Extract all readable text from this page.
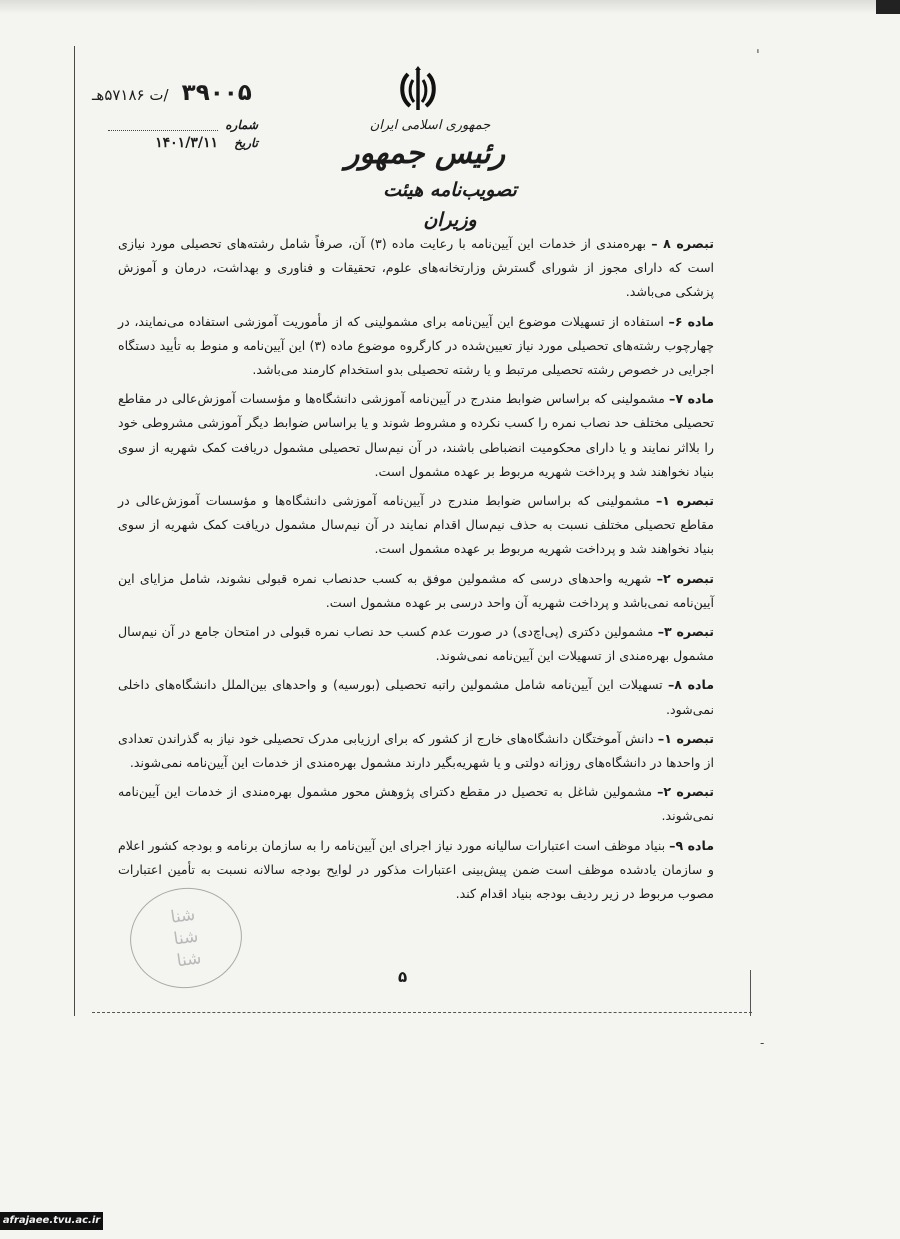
ˈ
جمهوری اسلامی ایران
رئیس جمهور
تصویب‌نامه هیئت وزیران
۳۹۰۰۵ /ت ۵۷۱۸۶هـ
شماره
تاریخ
۱۴۰۱/۳/۱۱

تبصره ۸ – بهره‌مندی از خدمات این آیین‌نامه با رعایت ماده (۳) آن، صرفاً شامل رشته‌های تحصیلی مورد نیازی است که دارای مجوز از شورای گسترش وزارتخانه‌های علوم، تحقیقات و فناوری و بهداشت، درمان و آموزش پزشکی می‌باشد.

ماده ۶– استفاده از تسهیلات موضوع این آیین‌نامه برای مشمولینی که از مأموریت آموزشی استفاده می‌نمایند، در چهارچوب رشته‌های تحصیلی مورد نیاز تعیین‌شده در کارگروه موضوع ماده (۳) این آیین‌نامه و منوط به تأیید دستگاه اجرایی در خصوص رشته تحصیلی مرتبط و یا رشته تحصیلی بدو استخدام کارمند می‌باشد.

ماده ۷– مشمولینی که براساس ضوابط مندرج در آیین‌نامه آموزشی دانشگاه‌ها و مؤسسات آموزش‌عالی در مقاطع تحصیلی مختلف حد نصاب نمره را کسب نکرده و مشروط شوند و یا براساس ضوابط دیگر آموزشی مشروطی خود را بلااثر نمایند و یا دارای محکومیت انضباطی باشند، در آن نیم‌سال تحصیلی مشمول دریافت کمک شهریه از سوی بنیاد نخواهند شد و پرداخت شهریه مربوط بر عهده مشمول است.

تبصره ۱– مشمولینی که براساس ضوابط مندرج در آیین‌نامه آموزشی دانشگاه‌ها و مؤسسات آموزش‌عالی در مقاطع تحصیلی مختلف نسبت به حذف نیم‌سال اقدام نمایند در آن نیم‌سال مشمول دریافت کمک شهریه از سوی بنیاد نخواهند شد و پرداخت شهریه مربوط بر عهده مشمول است.

تبصره ۲– شهریه واحدهای درسی که مشمولین موفق به کسب حدنصاب نمره قبولی نشوند، شامل مزایای این آیین‌نامه نمی‌باشد و پرداخت شهریه آن واحد درسی بر عهده مشمول است.

تبصره ۳– مشمولین دکتری (پی‌اچ‌دی) در صورت عدم کسب حد نصاب نمره قبولی در امتحان جامع در آن نیم‌سال مشمول بهره‌مندی از تسهیلات این آیین‌نامه نمی‌شوند.

ماده ۸– تسهیلات این آیین‌نامه شامل مشمولین راتبه تحصیلی (بورسیه) و واحدهای بین‌الملل دانشگاه‌های داخلی نمی‌شود.

تبصره ۱– دانش آموختگان دانشگاه‌های خارج از کشور که برای ارزیابی مدرک تحصیلی خود نیاز به گذراندن تعدادی از واحدها در دانشگاه‌های روزانه دولتی و یا شهریه‌بگیر دارند مشمول بهره‌مندی از خدمات این آیین‌نامه نمی‌شوند.

تبصره ۲– مشمولین شاغل به تحصیل در مقطع دکترای پژوهش محور مشمول بهره‌مندی از خدمات این آیین‌نامه نمی‌شوند.

ماده ۹– بنیاد موظف است اعتبارات سالیانه مورد نیاز اجرای این آیین‌نامه را به سازمان برنامه و بودجه کشور اعلام و سازمان یادشده موظف است ضمن پیش‌بینی اعتبارات مذکور در لوایح بودجه سالانه نسبت به تأمین اعتبارات مصوب مربوط در زیر ردیف بودجه بنیاد اقدام کند.

شنا
شنا
شنا
۵
-
afrajaee.tvu.ac.ir
